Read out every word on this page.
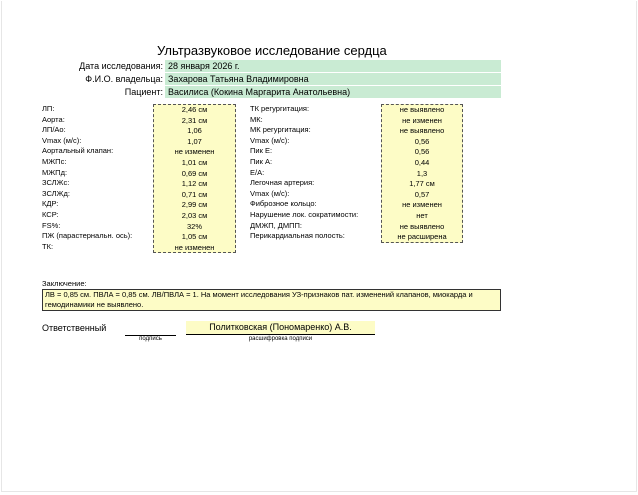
Ультразвуковое исследование сердца
Дата исследования: 28 января 2026 г.
Ф.И.О. владельца: Захарова Татьяна Владимировна
Пациент: Василиса (Кокина Маргарита Анатольевна)
ЛП:
Аорта:
ЛП/Ао:
Vmax (м/с):
Аортальный клапан:
МЖПс:
МЖПд:
ЗСЛЖс:
ЗСЛЖд:
КДР:
КСР:
FS%:
ПЖ (парастернальн. ось):
ТК:
2,46 см
2,31 см
1,06
1,07
не изменен
1,01 см
0,69 см
1,12 см
0,71 см
2,99 см
2,03 см
32%
1,05 см
не изменен
ТК регургитация:
МК:
МК регургитация:
Vmax (м/с):
Пик Е:
Пик А:
Е/А:
Легочная артерия:
Vmax (м/с):
Фиброзное кольцо:
Нарушение лок. сократимости:
ДМЖП, ДМПП:
Перикардиальная полость:
не выявлено
не изменен
не выявлено
0,56
0,56
0,44
1,3
1,77 см
0,57
не изменен
нет
не выявлено
не расширена
Заключение:
ЛВ = 0,85 см. ПВЛА = 0,85 см. ЛВ/ПВЛА = 1. На момент исследования УЗ-признаков пат. изменений клапанов, миокарда и гемодинамики не выявлено.
Ответственный
подпись
Политковская (Пономаренко) А.В.
расшифровка подписи
